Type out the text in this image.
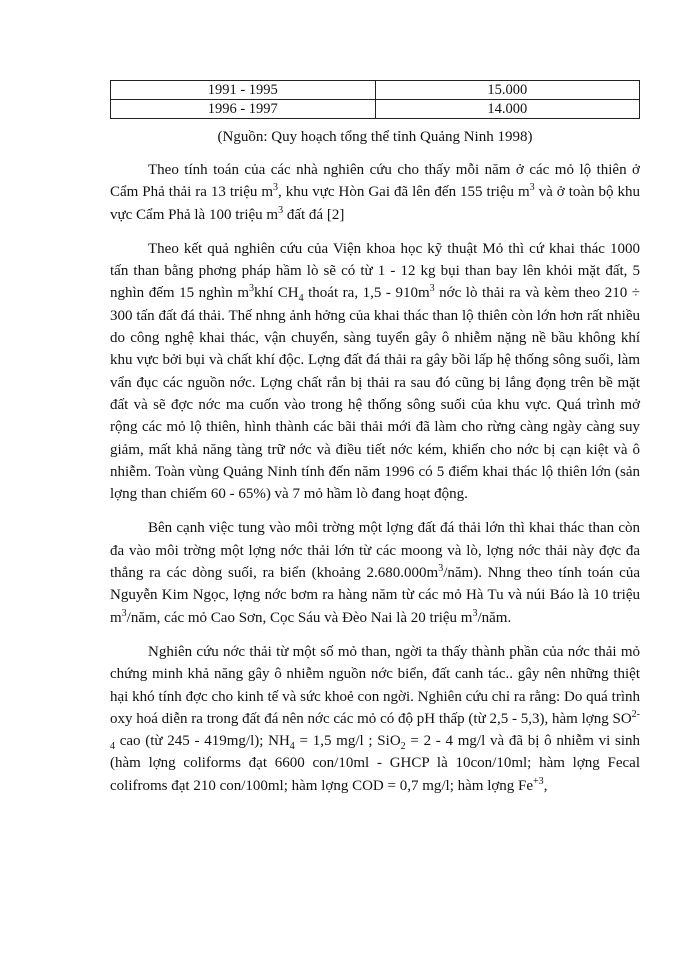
1991 - 1995	15.000
1996 - 1997	14.000
(Nguồn: Quy hoạch tổng thể tỉnh Quảng Ninh 1998)

Theo tính toán của các nhà nghiên cứu cho thấy mỗi năm ở các mỏ lộ thiên ở Cẩm Phả thải ra 13 triệu $m^3$, khu vực Hòn Gai đã lên đến 155 triệu $m^3$ và ở toàn bộ khu vực Cẩm Phả là 100 triệu $m^3$ đất đá [2]

Theo kết quả nghiên cứu của Viện khoa học kỹ thuật Mỏ thì cứ khai thác 1000 tấn than bằng phơng pháp hầm lò sẽ có từ 1 - 12 kg bụi than bay lên khỏi mặt đất, 5 nghìn đếm 15 nghìn $m^3khí$ $CH_4$ thoát ra, $1,5 - 910m^3$ nớc lò thải ra và kèm theo 210 ÷ 300 tấn đất đá thải. Thế nhng ảnh hởng của khai thác than lộ thiên còn lớn hơn rất nhiều do công nghệ khai thác, vận chuyển, sàng tuyển gây ô nhiễm nặng nề bầu không khí khu vực bởi bụi và chất khí độc. Lợng đất đá thải ra gây bồi lấp hệ thống sông suối, làm vẩn đục các nguồn nớc. Lợng chất rắn bị thải ra sau đó cũng bị lắng đọng trên bề mặt đất và sẽ đợc nớc ma cuốn vào trong hệ thống sông suối của khu vực. Quá trình mở rộng các mỏ lộ thiên, hình thành các bãi thải mới đã làm cho rừng càng ngày càng suy giảm, mất khả năng tàng trữ nớc và điều tiết nớc kém, khiến cho nớc bị cạn kiệt và ô nhiễm. Toàn vùng Quảng Ninh tính đến năm 1996 có 5 điểm khai thác lộ thiên lớn (sản lợng than chiếm 60 - 65%) và 7 mỏ hầm lò đang hoạt động.

Bên cạnh việc tung vào môi trờng một lợng đất đá thải lớn thì khai thác than còn đa vào môi trờng một lợng nớc thải lớn từ các moong và lò, lợng nớc thải này đợc đa thẳng ra các dòng suối, ra biển (khoảng $2.680.000m^3/năm$). Nhng theo tính toán của Nguyễn Kim Ngọc, lợng nớc bơm ra hàng năm từ các mỏ Hà Tu và núi Báo là 10 triệu $m^3$/năm, các mỏ Cao Sơn, Cọc Sáu và Đèo Nai là 20 triệu $m^3$/năm.

Nghiên cứu nớc thải từ một số mỏ than, ngời ta thấy thành phần của nớc thải mỏ chứng minh khả năng gây ô nhiễm nguồn nớc biển, đất canh tác.. gây nên những thiệt hại khó tính đợc cho kinh tế và sức khoẻ con ngời. Nghiên cứu chỉ ra rằng: Do quá trình oxy hoá diễn ra trong đất đá nên nớc các mỏ có độ pH thấp (từ 2,5 - 5,3), hàm lợng $SO^{2-}_4$ cao (từ 245 - 419mg/l); $NH_4 = 1,5$ mg/l ; SiO$_2$ = 2 - 4 mg/l và đã bị ô nhiễm vi sinh (hàm lợng coliforms đạt 6600 con/10ml - GHCP là 10con/10ml; hàm lợng Fecal colifroms đạt 210 con/100ml; hàm lợng COD = 0,7 mg/l; hàm lợng $Fe^{+3}$,
